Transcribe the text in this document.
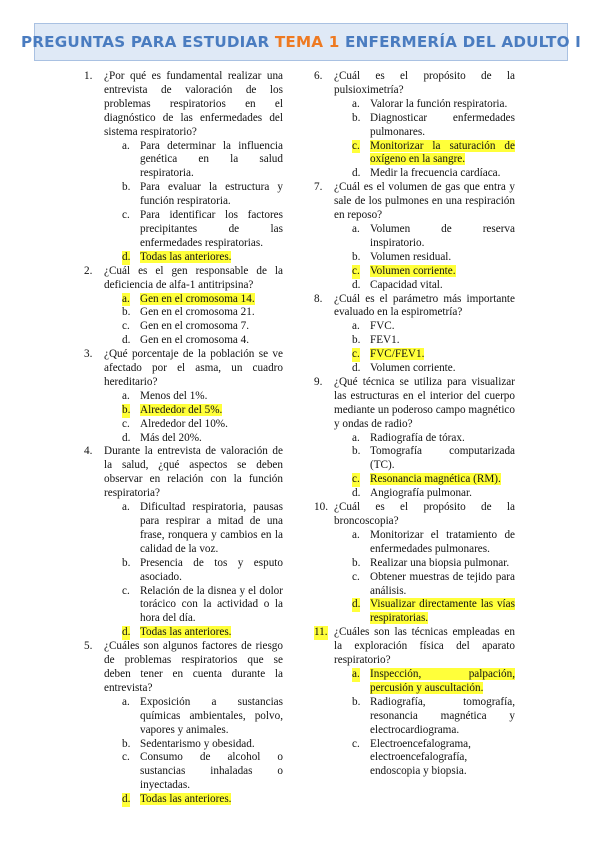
PREGUNTAS PARA ESTUDIAR TEMA 1 ENFERMERÍA DEL ADULTO I
1. ¿Por qué es fundamental realizar una entrevista de valoración de los problemas respiratorios en el diagnóstico de las enfermedades del sistema respiratorio?
a. Para determinar la influencia genética en la salud respiratoria.
b. Para evaluar la estructura y función respiratoria.
c. Para identificar los factores precipitantes de las enfermedades respiratorias.
d. Todas las anteriores.
2. ¿Cuál es el gen responsable de la deficiencia de alfa-1 antitripsina?
a. Gen en el cromosoma 14.
b. Gen en el cromosoma 21.
c. Gen en el cromosoma 7.
d. Gen en el cromosoma 4.
3. ¿Qué porcentaje de la población se ve afectado por el asma, un cuadro hereditario?
a. Menos del 1%.
b. Alrededor del 5%.
c. Alrededor del 10%.
d. Más del 20%.
4. Durante la entrevista de valoración de la salud, ¿qué aspectos se deben observar en relación con la función respiratoria?
a. Dificultad respiratoria, pausas para respirar a mitad de una frase, ronquera y cambios en la calidad de la voz.
b. Presencia de tos y esputo asociado.
c. Relación de la disnea y el dolor torácico con la actividad o la hora del día.
d. Todas las anteriores.
5. ¿Cuáles son algunos factores de riesgo de problemas respiratorios que se deben tener en cuenta durante la entrevista?
a. Exposición a sustancias químicas ambientales, polvo, vapores y animales.
b. Sedentarismo y obesidad.
c. Consumo de alcohol o sustancias inhaladas o inyectadas.
d. Todas las anteriores.
6. ¿Cuál es el propósito de la pulsioximetría?
a. Valorar la función respiratoria.
b. Diagnosticar enfermedades pulmonares.
c. Monitorizar la saturación de oxígeno en la sangre.
d. Medir la frecuencia cardíaca.
7. ¿Cuál es el volumen de gas que entra y sale de los pulmones en una respiración en reposo?
a. Volumen de reserva inspiratorio.
b. Volumen residual.
c. Volumen corriente.
d. Capacidad vital.
8. ¿Cuál es el parámetro más importante evaluado en la espirometría?
a. FVC.
b. FEV1.
c. FVC/FEV1.
d. Volumen corriente.
9. ¿Qué técnica se utiliza para visualizar las estructuras en el interior del cuerpo mediante un poderoso campo magnético y ondas de radio?
a. Radiografía de tórax.
b. Tomografía computarizada (TC).
c. Resonancia magnética (RM).
d. Angiografía pulmonar.
10. ¿Cuál es el propósito de la broncoscopia?
a. Monitorizar el tratamiento de enfermedades pulmonares.
b. Realizar una biopsia pulmonar.
c. Obtener muestras de tejido para análisis.
d. Visualizar directamente las vías respiratorias.
11. ¿Cuáles son las técnicas empleadas en la exploración física del aparato respiratorio?
a. Inspección, palpación, percusión y auscultación.
b. Radiografía, tomografía, resonancia magnética y electrocardiograma.
c. Electroencefalograma, electroencefalografía, endoscopia y biopsia.
